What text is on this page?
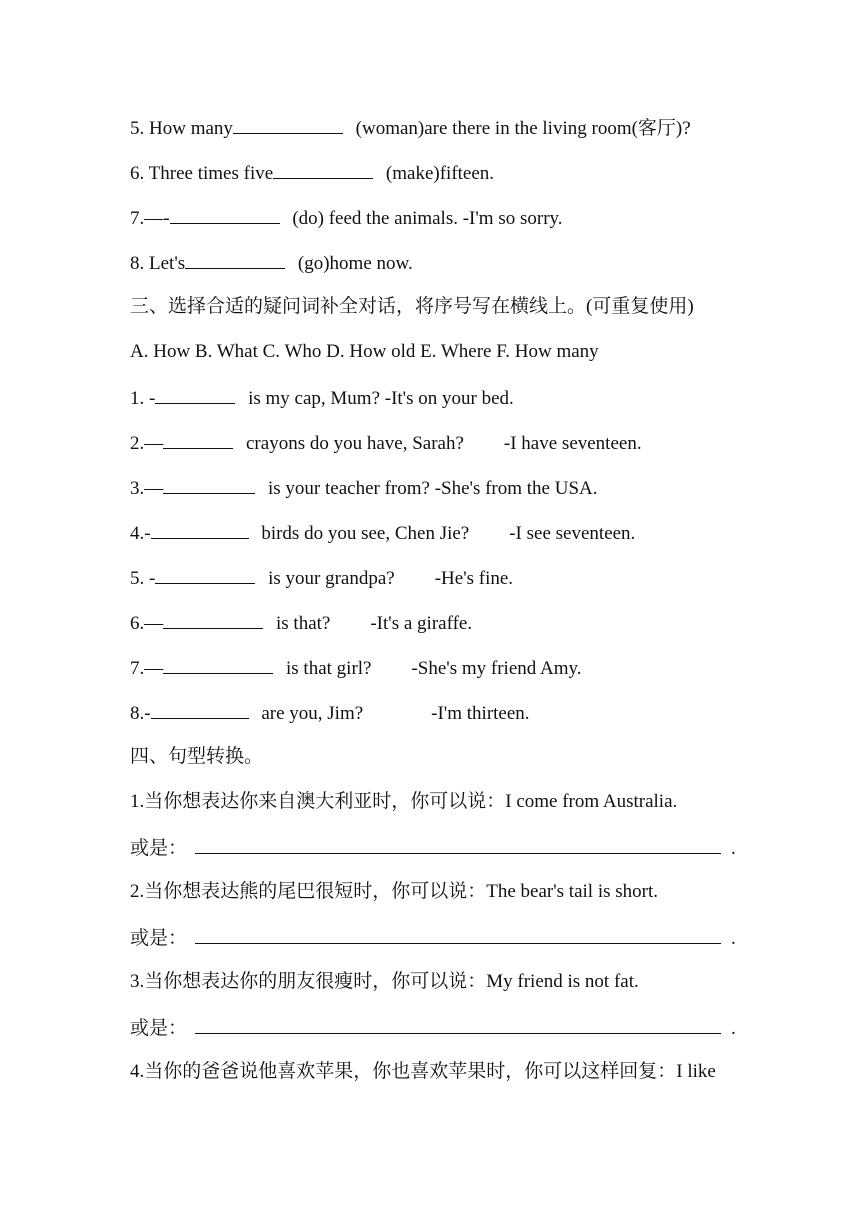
5. How many	(woman)are there in the living room(客厅)?
6. Three times five	(make)fifteen.
7.—-	(do) feed the animals. -I'm so sorry.
8. Let's	(go)home now.
三、选择合适的疑问词补全对话，将序号写在横线上。(可重复使用)
A. How B. What C. Who D. How old E. Where F. How many
1. -	is my cap, Mum? -It's on your bed.
2.—	crayons do you have, Sarah? -I have seventeen.
3.—	is your teacher from? -She's from the USA.
4.-	birds do you see, Chen Jie? -I see seventeen.
5. -	is your grandpa? -He's fine.
6.—	is that? -It's a giraffe.
7.—	is that girl? -She's my friend Amy.
8.-	are you, Jim?	-I'm thirteen.
四、句型转换。
1.当你想表达你来自澳大利亚时，你可以说：I come from Australia.
或是：	.
2.当你想表达熊的尾巴很短时，你可以说：The bear's tail is short.
或是：	.
3.当你想表达你的朋友很瘦时，你可以说：My friend is not fat.
或是：	.
4.当你的爸爸说他喜欢苹果，你也喜欢苹果时，你可以这样回复：I like
